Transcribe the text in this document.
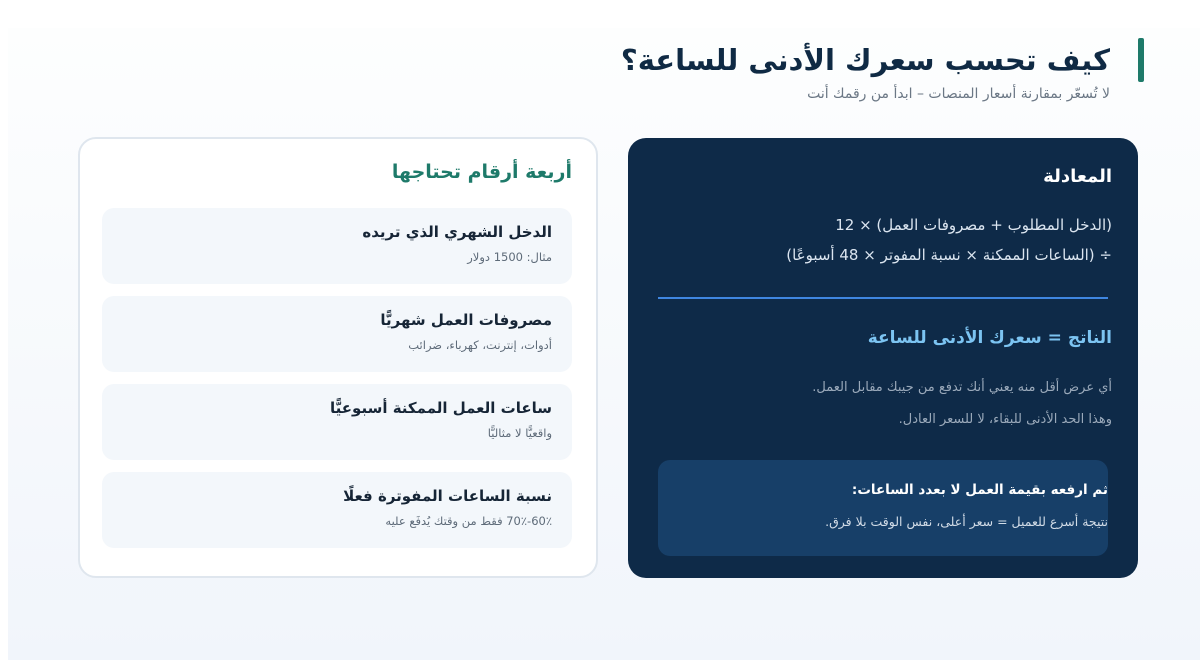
كيف تحسب سعرك الأدنى للساعة؟
لا تُسعّر بمقارنة أسعار المنصات – ابدأ من رقمك أنت
أربعة أرقام تحتاجها
الدخل الشهري الذي تريده
مثال: 1500 دولار
مصروفات العمل شهريًّا
أدوات، إنترنت، كهرباء، ضرائب
ساعات العمل الممكنة أسبوعيًّا
واقعيًّا لا مثاليًّا
نسبة الساعات المفوترة فعلًا
60٪-70٪ فقط من وقتك يُدفَع عليه
المعادلة
(الدخل المطلوب + مصروفات العمل) × 12
÷ (الساعات الممكنة × نسبة المفوتر × 48 أسبوعًا)
الناتج = سعرك الأدنى للساعة
أي عرض أقل منه يعني أنك تدفع من جيبك مقابل العمل.
وهذا الحد الأدنى للبقاء، لا للسعر العادل.
ثم ارفعه بقيمة العمل لا بعدد الساعات:
نتيجة أسرع للعميل = سعر أعلى، نفس الوقت بلا فرق.
